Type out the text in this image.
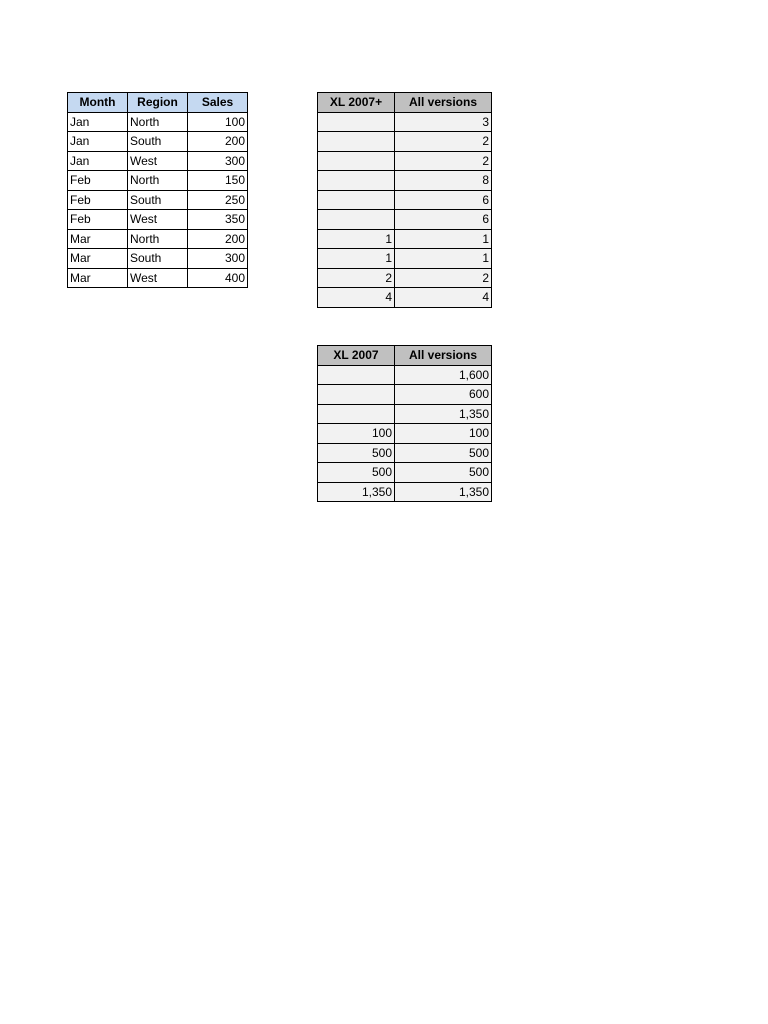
Month	Region	Sales
Jan	North	100
Jan	South	200
Jan	West	300
Feb	North	150
Feb	South	250
Feb	West	350
Mar	North	200
Mar	South	300
Mar	West	400
XL 2007+	All versions
	3
	2
	2
	8
	6
	6
1	1
1	1
2	2
4	4
XL 2007	All versions
	1,600
	600
	1,350
100	100
500	500
500	500
1,350	1,350
